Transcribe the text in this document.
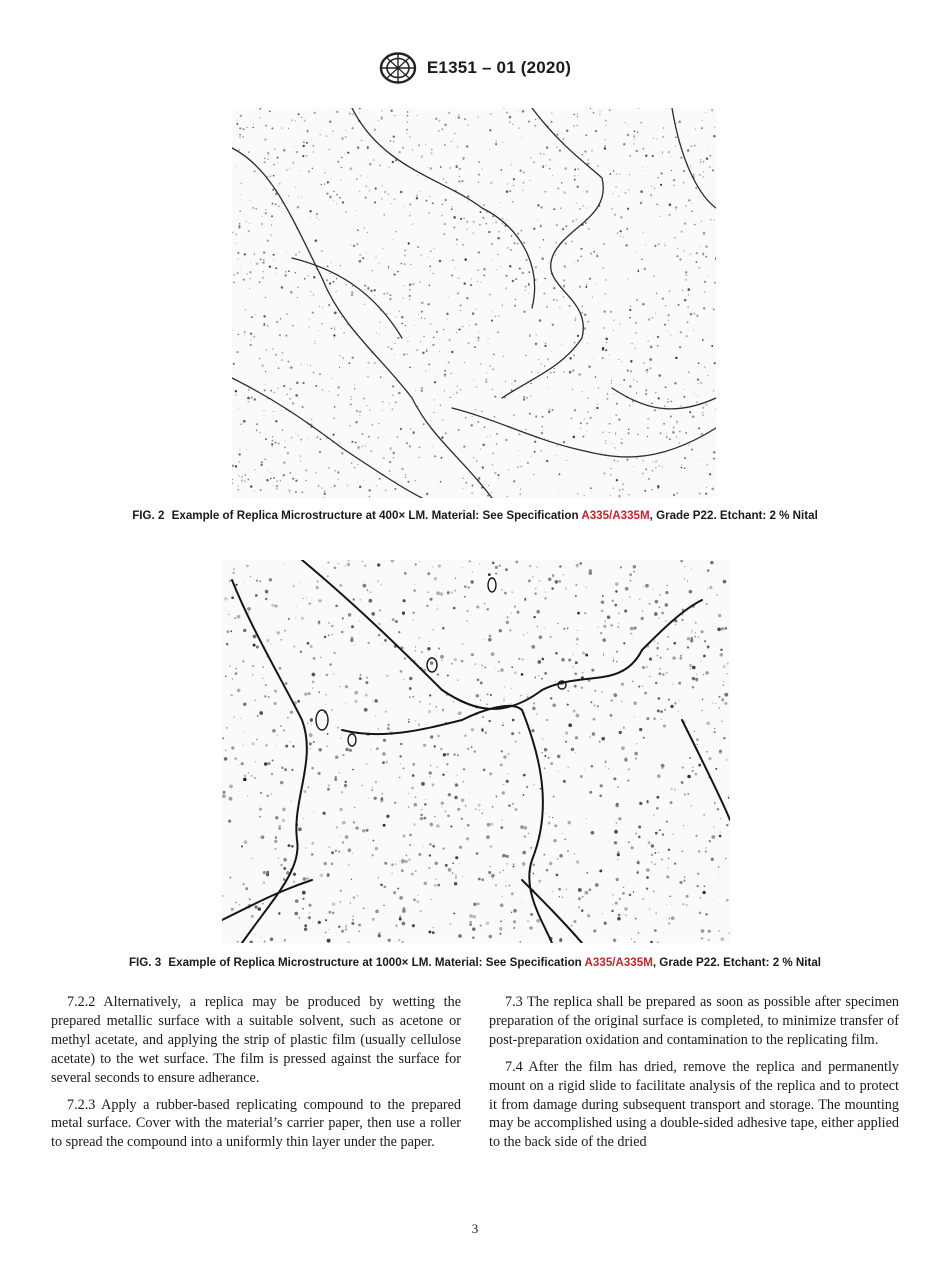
E1351 – 01 (2020)
FIG. 2 Example of Replica Microstructure at 400× LM. Material: See Specification A335/A335M, Grade P22. Etchant: 2 % Nital
FIG. 3 Example of Replica Microstructure at 1000× LM. Material: See Specification A335/A335M, Grade P22. Etchant: 2 % Nital

7.2.2 Alternatively, a replica may be produced by wetting the prepared metallic surface with a suitable solvent, such as acetone or methyl acetate, and applying the strip of plastic film (usually cellulose acetate) to the wet surface. The film is pressed against the surface for several seconds to ensure adherance.

7.2.3 Apply a rubber-based replicating compound to the prepared metal surface. Cover with the material’s carrier paper, then use a roller to spread the compound into a uniformly thin layer under the paper.

7.3 The replica shall be prepared as soon as possible after specimen preparation of the original surface is completed, to minimize transfer of post-preparation oxidation and contamination to the replicating film.

7.4 After the film has dried, remove the replica and permanently mount on a rigid slide to facilitate analysis of the replica and to protect it from damage during subsequent transport and storage. The mounting may be accomplished using a double-sided adhesive tape, either applied to the back side of the dried

3
